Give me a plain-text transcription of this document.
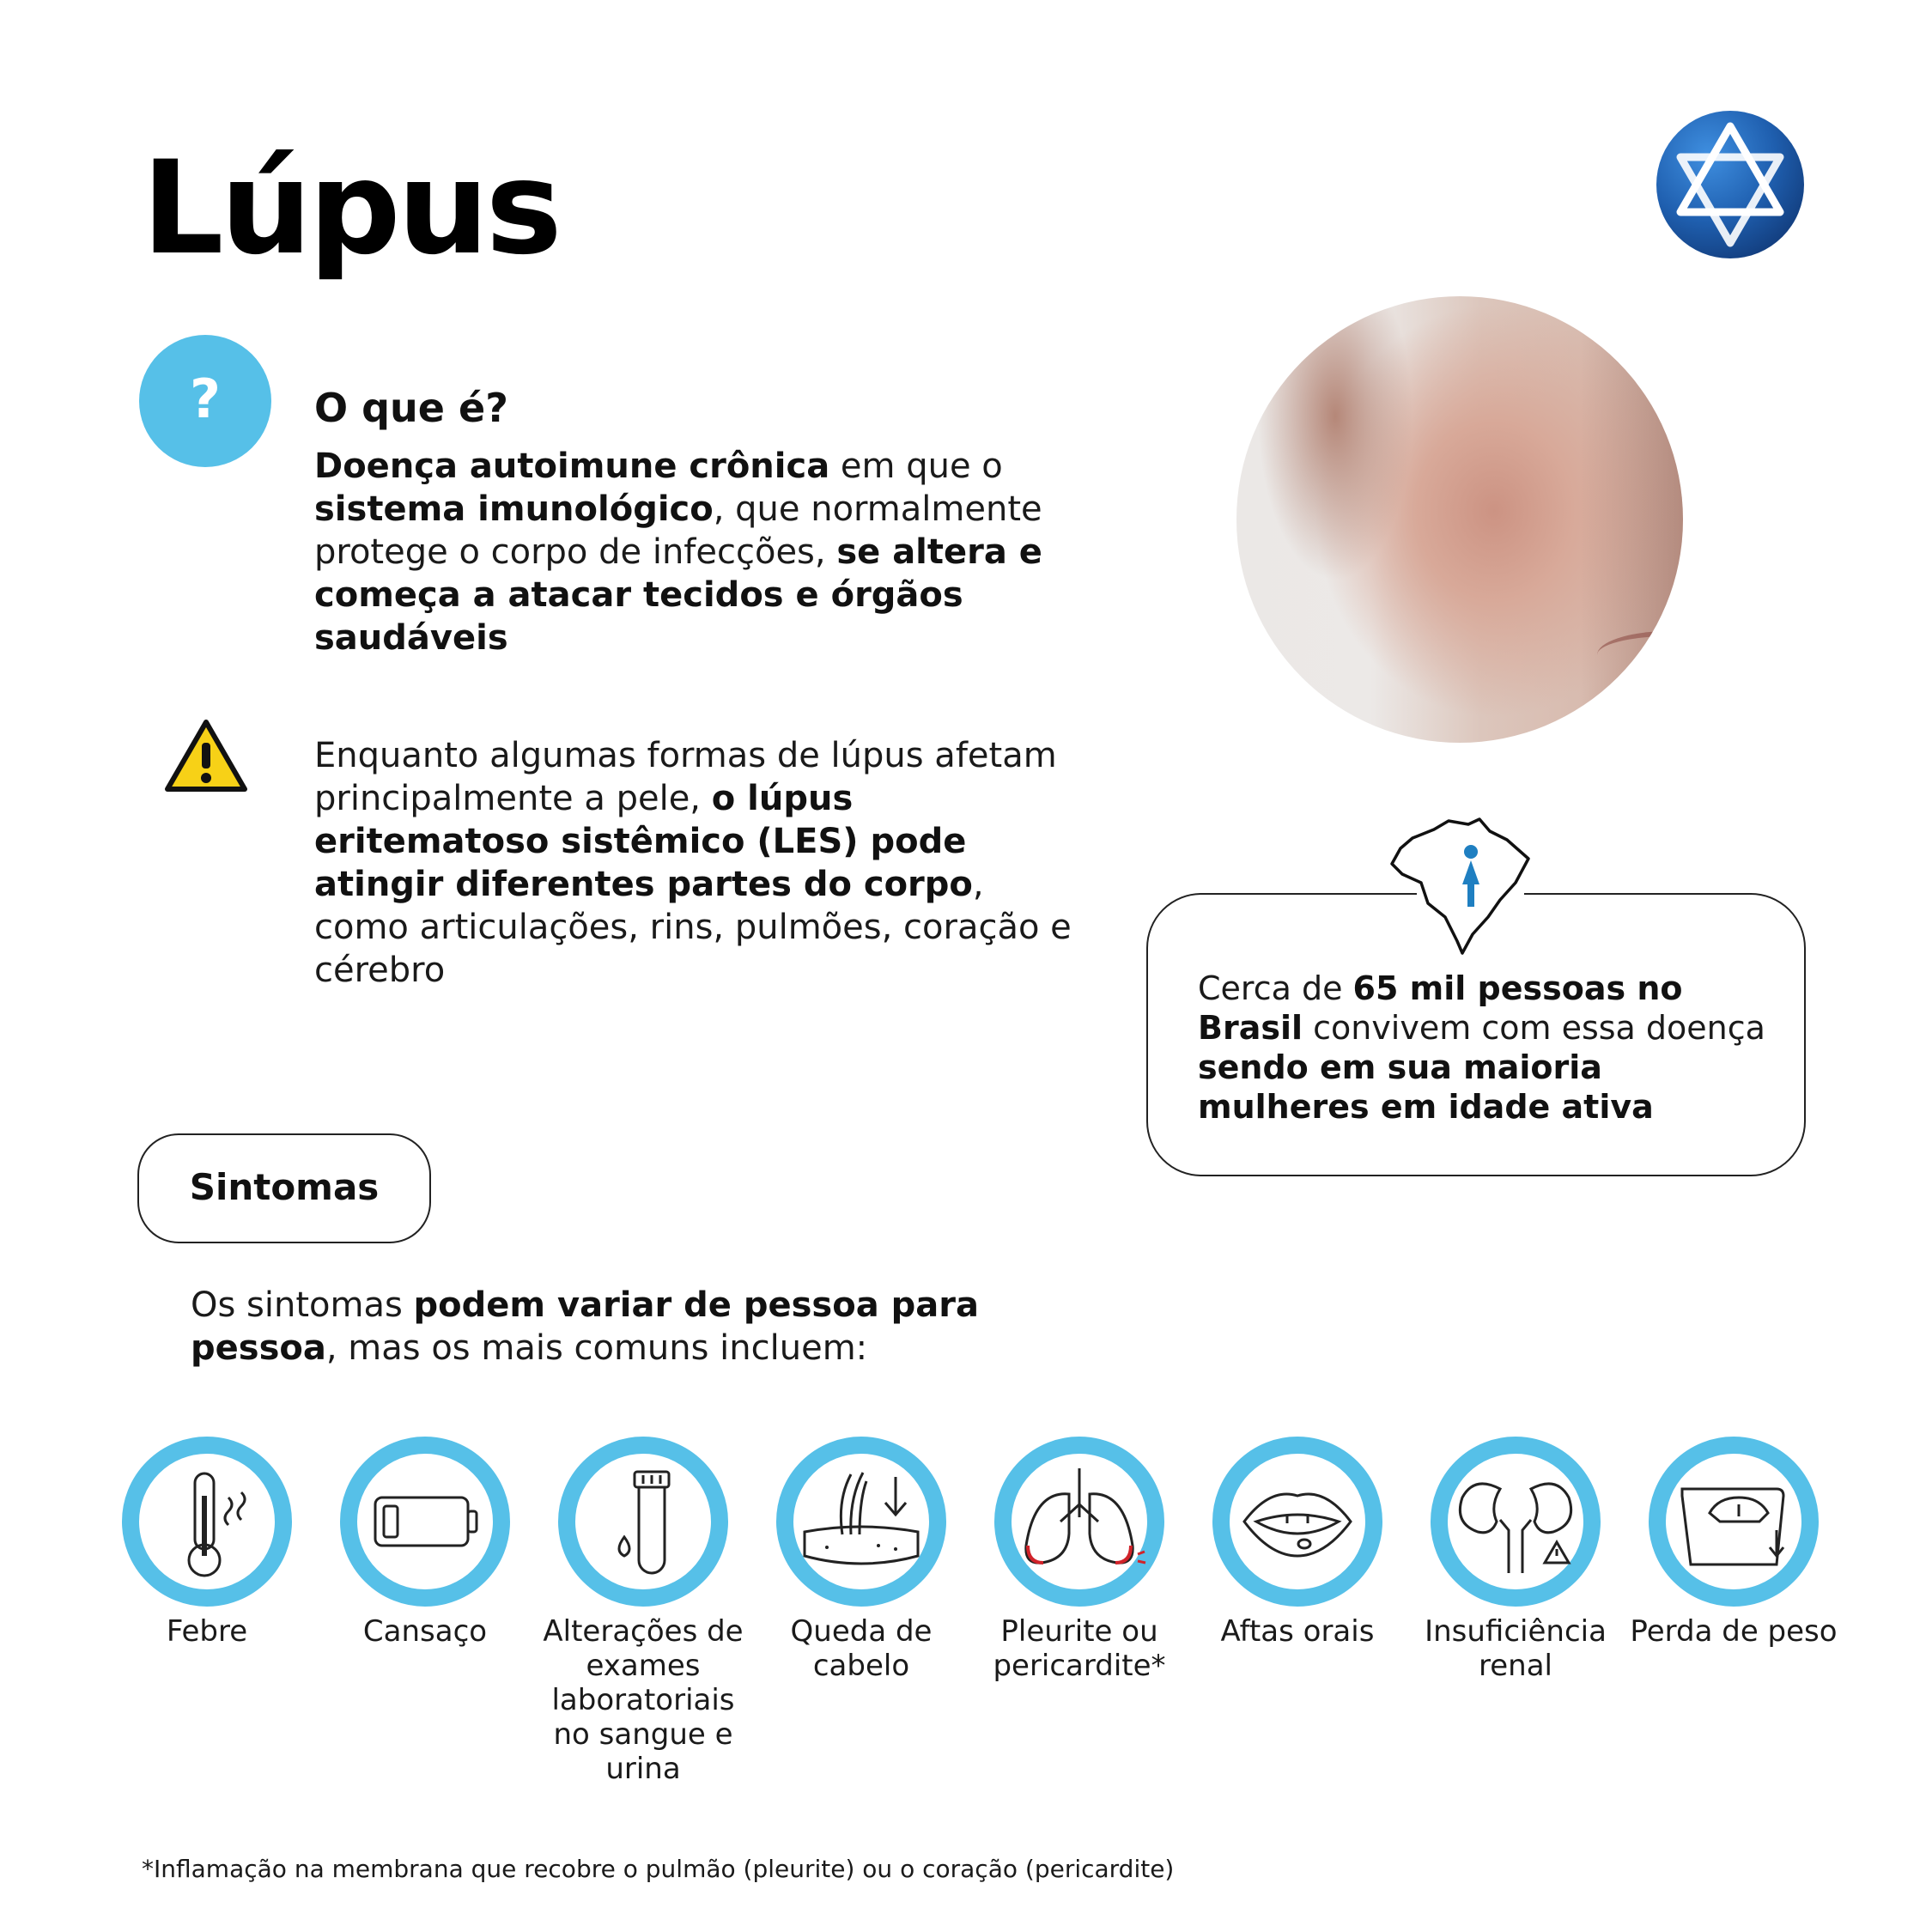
Lúpus
? O que é?

Doença autoimune crônica em que o sistema imunológico, que normalmente protege o corpo de infecções, se altera e começa a atacar tecidos e órgãos saudáveis

Enquanto algumas formas de lúpus afetam principalmente a pele, o lúpus eritematoso sistêmico (LES) pode atingir diferentes partes do corpo, como articulações, rins, pulmões, coração e cérebro	Cerca de 65 mil pessoas no Brasil convivem com essa doença sendo em sua maioria mulheres em idade ativa

Sintomas

Os sintomas podem variar de pessoa para pessoa, mas os mais comuns incluem:

Febre	Cansaço	Alterações de exames laboratoriais no sangue e urina
Queda de cabelo
Pleurite ou pericardite*
Aftas orais	Insuficiência renal
Perda de peso

*Inflamação na membrana que recobre o pulmão (pleurite) ou o coração (pericardite)
